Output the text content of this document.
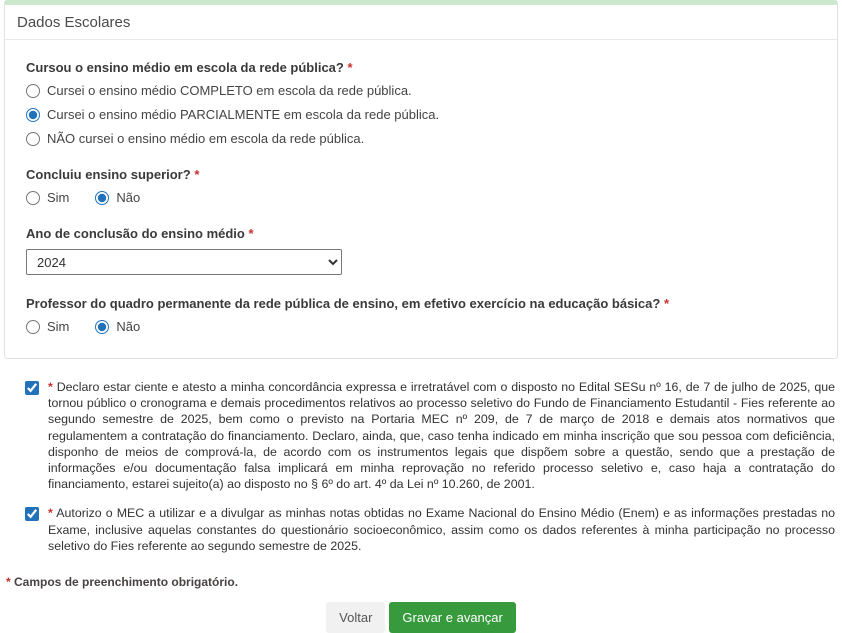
Dados Escolares
Cursou o ensino médio em escola da rede pública? *
Cursei o ensino médio COMPLETO em escola da rede pública.
Cursei o ensino médio PARCIALMENTE em escola da rede pública.
NÃO cursei o ensino médio em escola da rede pública.
Concluiu ensino superior? *
Sim	Não
Ano de conclusão do ensino médio *
2024
Professor do quadro permanente da rede pública de ensino, em efetivo exercício na educação básica? *
Sim	Não
* Declaro estar ciente e atesto a minha concordância expressa e irretratável com o disposto no Edital SESu nº 16, de 7 de julho de 2025, que tornou público o cronograma e demais procedimentos relativos ao processo seletivo do Fundo de Financiamento Estudantil - Fies referente ao segundo semestre de 2025, bem como o previsto na Portaria MEC nº 209, de 7 de março de 2018 e demais atos normativos que regulamentem a contratação do financiamento. Declaro, ainda, que, caso tenha indicado em minha inscrição que sou pessoa com deficiência, disponho de meios de comprová-la, de acordo com os instrumentos legais que dispõem sobre a questão, sendo que a prestação de informações e/ou documentação falsa implicará em minha reprovação no referido processo seletivo e, caso haja a contratação do financiamento, estarei sujeito(a) ao disposto no § 6º do art. 4º da Lei nº 10.260, de 2001.
* Autorizo o MEC a utilizar e a divulgar as minhas notas obtidas no Exame Nacional do Ensino Médio (Enem) e as informações prestadas no Exame, inclusive aquelas constantes do questionário socioeconômico, assim como os dados referentes à minha participação no processo seletivo do Fies referente ao segundo semestre de 2025.
* Campos de preenchimento obrigatório.
Voltar	Gravar e avançar
